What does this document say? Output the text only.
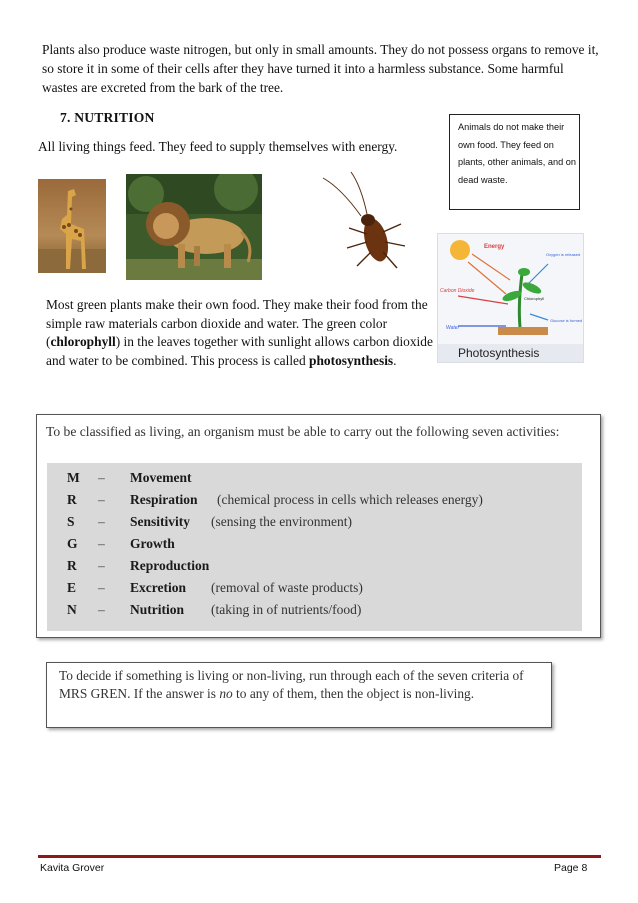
Plants also produce waste nitrogen, but only in small amounts. They do not possess organs to remove it, so store it in some of their cells after they have turned it into a harmless substance. Some harmful wastes are excreted from the bark of the tree.
7. NUTRITION
All living things feed. They feed to supply themselves with energy.
Animals do not make their own food. They feed on plants, other animals, and on dead waste.
Energy
Oxygen is released
Carbon Dioxide
Chlorophyll
Water
Glucose is formed
Photosynthesis
Most green plants make their own food. They make their food from the simple raw materials carbon dioxide and water. The green color (chlorophyll) in the leaves together with sunlight allows carbon dioxide and water to be combined. This process is called photosynthesis.
To be classified as living, an organism must be able to carry out the following seven activities:
M – Movement
R – Respiration (chemical process in cells which releases energy)
S – Sensitivity (sensing the environment)
G – Growth
R – Reproduction
E – Excretion (removal of waste products)
N – Nutrition (taking in of nutrients/food)
To decide if something is living or non-living, run through each of the seven criteria of MRS GREN. If the answer is no to any of them, then the object is non-living.
Kavita Grover	Page 8
